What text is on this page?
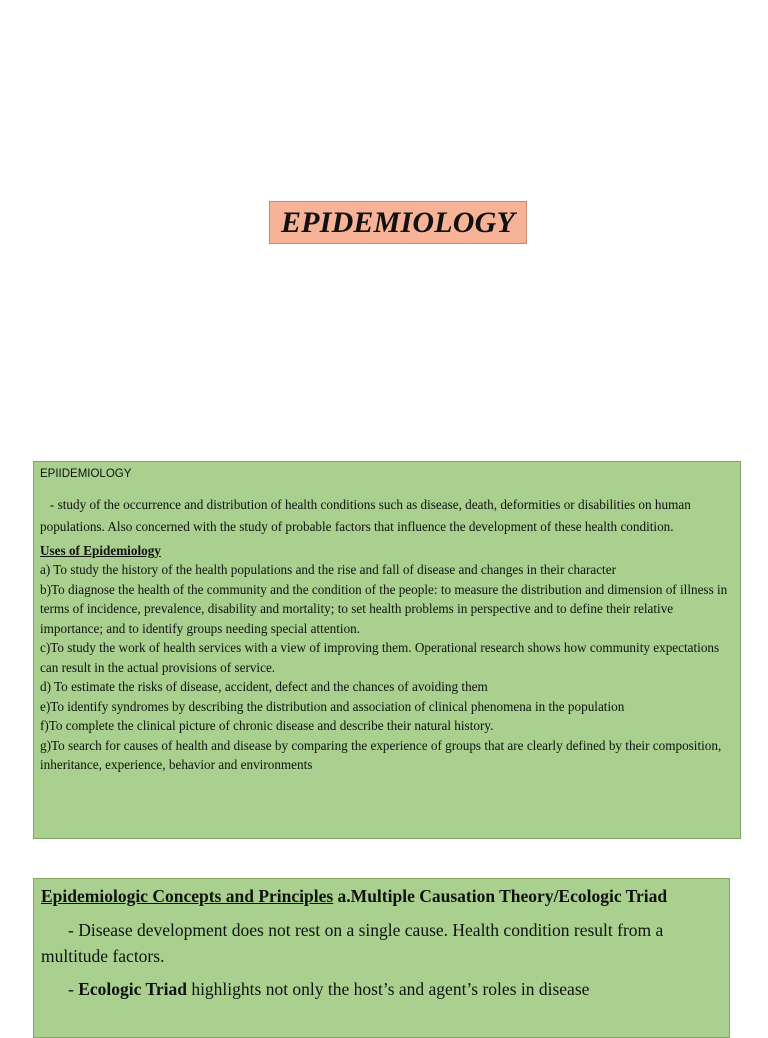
EPIDEMIOLOGY
EPIIDEMIOLOGY

- study of the occurrence and distribution of health conditions such as disease, death, deformities or disabilities on human populations. Also concerned with the study of probable factors that influence the development of these health condition.

Uses of Epidemiology

a) To study the history of the health populations and the rise and fall of disease and changes in their character

b)To diagnose the health of the community and the condition of the people: to measure the distribution and dimension of illness in terms of incidence, prevalence, disability and mortality; to set health problems in perspective and to define their relative importance; and to identify groups needing special attention.

c)To study the work of health services with a view of improving them. Operational research shows how community expectations can result in the actual provisions of service.

d) To estimate the risks of disease, accident, defect and the chances of avoiding them

e)To identify syndromes by describing the distribution and association of clinical phenomena in the population

f)To complete the clinical picture of chronic disease and describe their natural history.

g)To search for causes of health and disease by comparing the experience of groups that are clearly defined by their composition, inheritance, experience, behavior and environments

Epidemiologic Concepts and Principles a.Multiple Causation Theory/Ecologic Triad

- Disease development does not rest on a single cause. Health condition result from a multitude factors.

- Ecologic Triad highlights not only the host’s and agent’s roles in disease
